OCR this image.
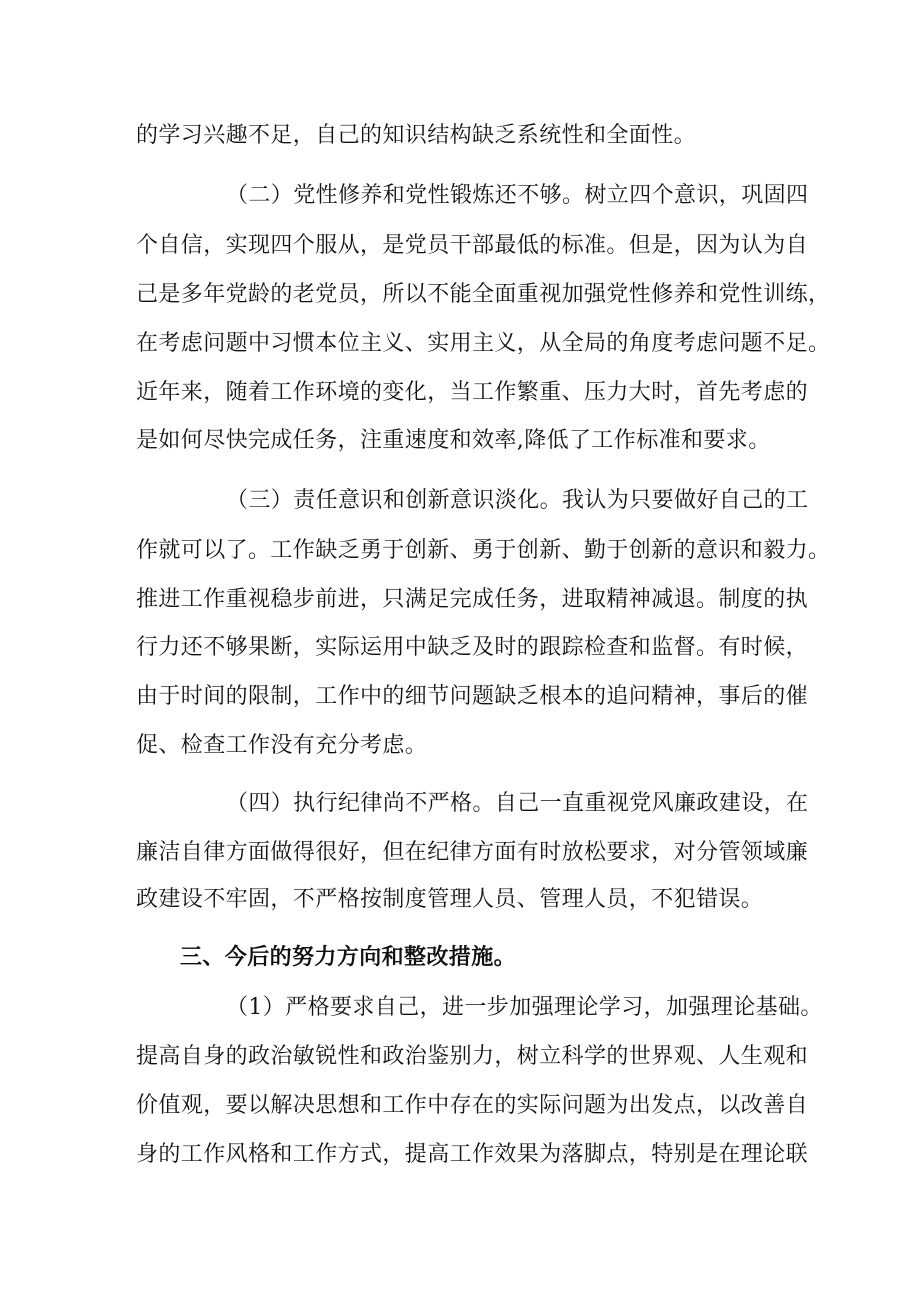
的学习兴趣不足，自己的知识结构缺乏系统性和全面性。
（二）党性修养和党性锻炼还不够。树立四个意识，巩固四
个自信，实现四个服从，是党员干部最低的标准。但是，因为认为自
己是多年党龄的老党员，所以不能全面重视加强党性修养和党性训练，
在考虑问题中习惯本位主义、实用主义，从全局的角度考虑问题不足。
近年来，随着工作环境的变化，当工作繁重、压力大时，首先考虑的
是如何尽快完成任务，注重速度和效率,降低了工作标准和要求。
（三）责任意识和创新意识淡化。我认为只要做好自己的工
作就可以了。工作缺乏勇于创新、勇于创新、勤于创新的意识和毅力。
推进工作重视稳步前进，只满足完成任务，进取精神减退。制度的执
行力还不够果断，实际运用中缺乏及时的跟踪检查和监督。有时候，
由于时间的限制，工作中的细节问题缺乏根本的追问精神，事后的催
促、检查工作没有充分考虑。
（四）执行纪律尚不严格。自己一直重视党风廉政建设，在
廉洁自律方面做得很好，但在纪律方面有时放松要求，对分管领域廉
政建设不牢固，不严格按制度管理人员、管理人员，不犯错误。
三、今后的努力方向和整改措施。
（1）严格要求自己，进一步加强理论学习，加强理论基础。
提高自身的政治敏锐性和政治鉴别力，树立科学的世界观、人生观和
价值观，要以解决思想和工作中存在的实际问题为出发点，以改善自
身的工作风格和工作方式，提高工作效果为落脚点，特别是在理论联
